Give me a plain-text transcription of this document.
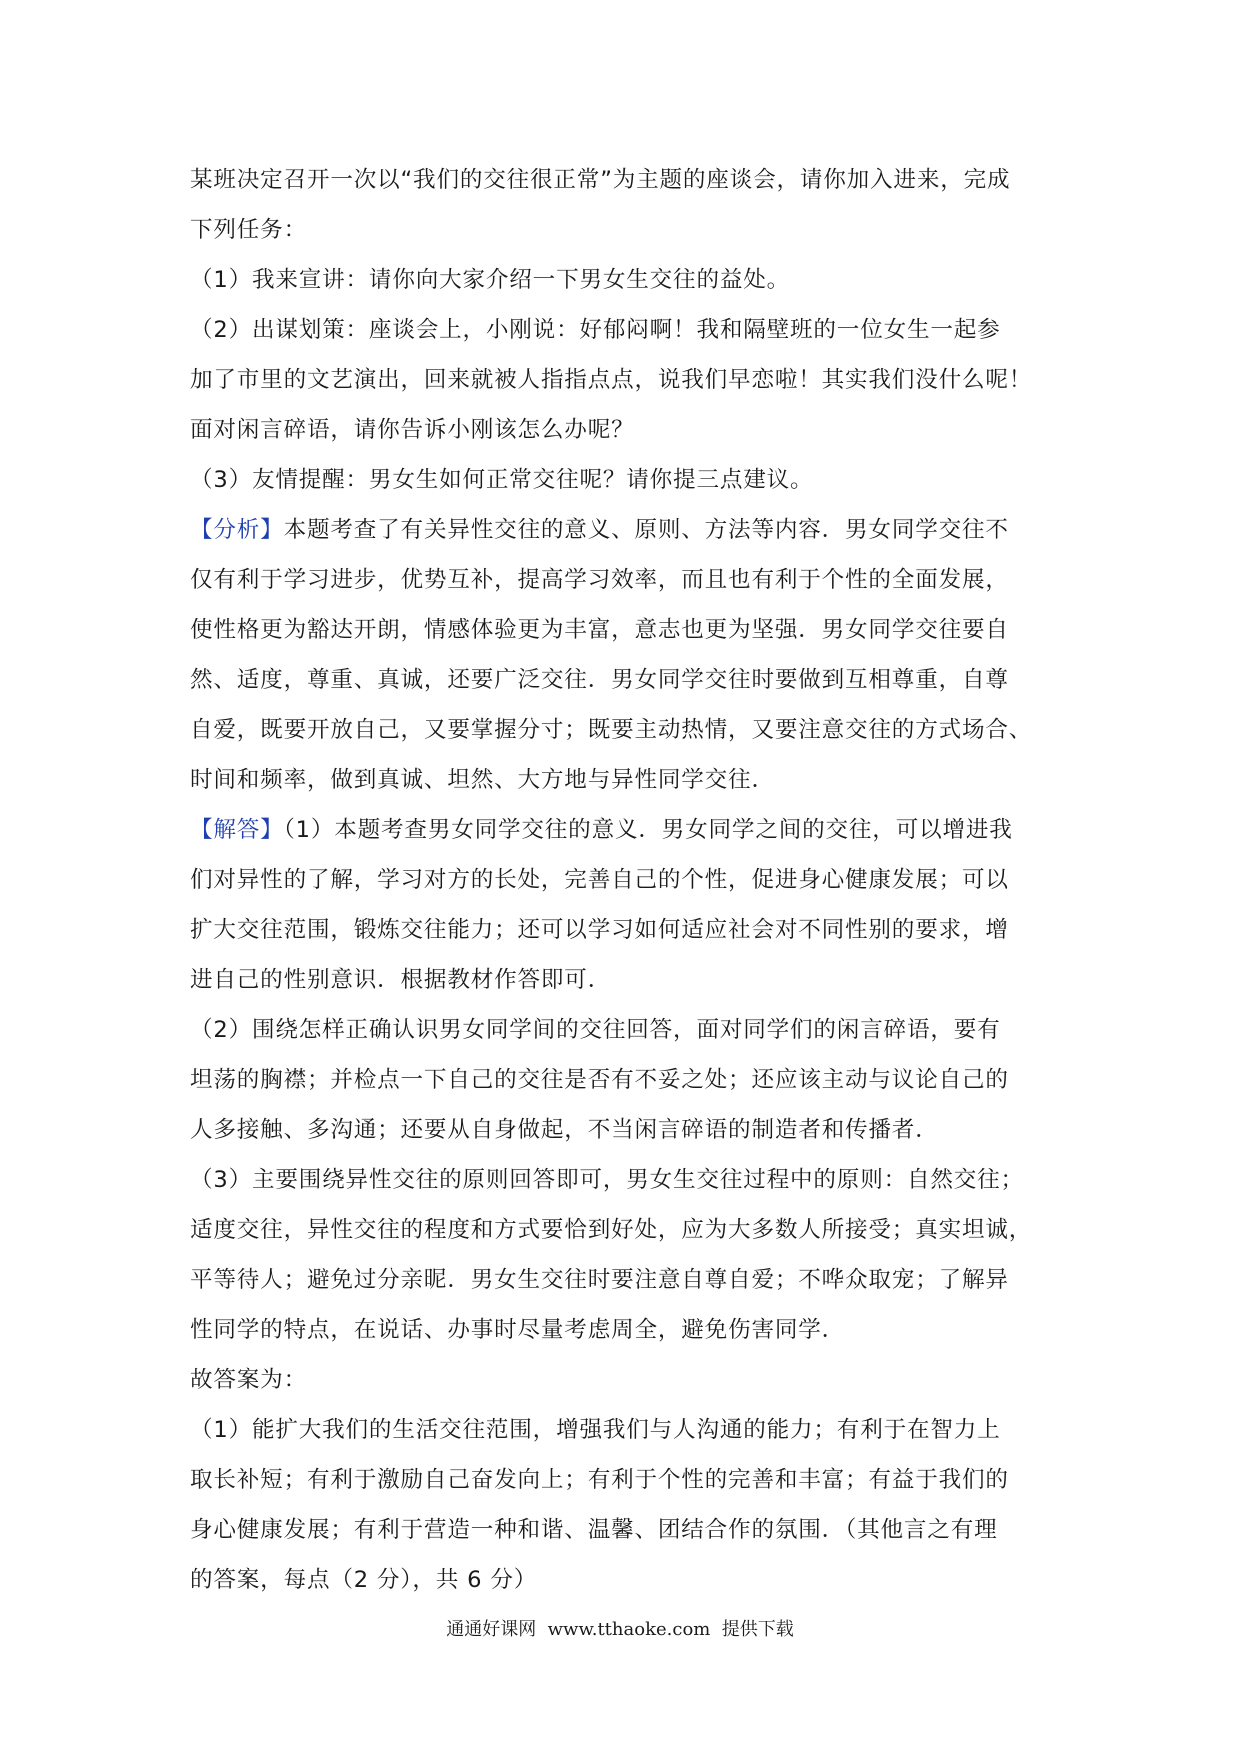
某班决定召开一次以“我们的交往很正常”为主题的座谈会，请你加入进来，完成
下列任务：
（1）我来宣讲：请你向大家介绍一下男女生交往的益处。
（2）出谋划策：座谈会上，小刚说：好郁闷啊！我和隔壁班的一位女生一起参
加了市里的文艺演出，回来就被人指指点点，说我们早恋啦！其实我们没什么呢！
面对闲言碎语，请你告诉小刚该怎么办呢？
（3）友情提醒：男女生如何正常交往呢？请你提三点建议。
【分析】本题考查了有关异性交往的意义、原则、方法等内容．男女同学交往不
仅有利于学习进步，优势互补，提高学习效率，而且也有利于个性的全面发展，
使性格更为豁达开朗，情感体验更为丰富，意志也更为坚强．男女同学交往要自
然、适度，尊重、真诚，还要广泛交往．男女同学交往时要做到互相尊重，自尊
自爱，既要开放自己，又要掌握分寸；既要主动热情，又要注意交往的方式场合、
时间和频率，做到真诚、坦然、大方地与异性同学交往．
【解答】（1）本题考查男女同学交往的意义．男女同学之间的交往，可以增进我
们对异性的了解，学习对方的长处，完善自己的个性，促进身心健康发展；可以
扩大交往范围，锻炼交往能力；还可以学习如何适应社会对不同性别的要求，增
进自己的性别意识．根据教材作答即可．
（2）围绕怎样正确认识男女同学间的交往回答，面对同学们的闲言碎语，要有
坦荡的胸襟；并检点一下自己的交往是否有不妥之处；还应该主动与议论自己的
人多接触、多沟通；还要从自身做起，不当闲言碎语的制造者和传播者．
（3）主要围绕异性交往的原则回答即可，男女生交往过程中的原则：自然交往；
适度交往，异性交往的程度和方式要恰到好处，应为大多数人所接受；真实坦诚，
平等待人；避免过分亲昵．男女生交往时要注意自尊自爱；不哗众取宠；了解异
性同学的特点，在说话、办事时尽量考虑周全，避免伤害同学．
故答案为：
（1）能扩大我们的生活交往范围，增强我们与人沟通的能力；有利于在智力上
取长补短；有利于激励自己奋发向上；有利于个性的完善和丰富；有益于我们的
身心健康发展；有利于营造一种和谐、温馨、团结合作的氛围．（其他言之有理
的答案，每点（2 分），共 6 分）
通通好课网  www.tthaoke.com  提供下载
